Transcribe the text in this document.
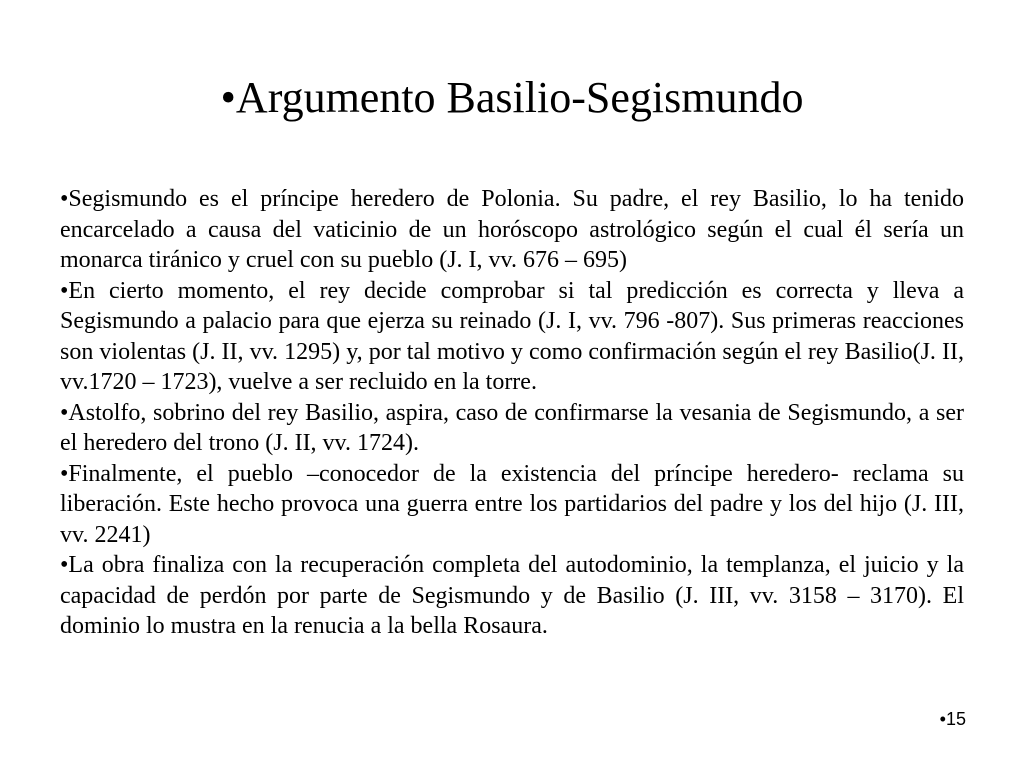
•Argumento Basilio-Segismundo

•Segismundo es el príncipe heredero de Polonia. Su padre, el rey Basilio, lo ha tenido encarcelado a causa del vaticinio de un horóscopo astrológico según el cual él sería un monarca tiránico y cruel con su pueblo (J. I, vv. 676 – 695)

•En cierto momento, el rey decide comprobar si tal predicción es correcta y lleva a Segismundo a palacio para que ejerza su reinado (J. I, vv. 796 -807). Sus primeras reacciones son violentas (J. II, vv. 1295) y, por tal motivo y como confirmación según el rey Basilio(J. II, vv.1720 – 1723), vuelve a ser recluido en la torre.

•Astolfo, sobrino del rey Basilio, aspira, caso de confirmarse la vesania de Segismundo, a ser el heredero del trono (J. II, vv. 1724).

•Finalmente, el pueblo –conocedor de la existencia del príncipe heredero- reclama su liberación. Este hecho provoca una guerra entre los partidarios del padre y los del hijo (J. III, vv. 2241)

•La obra finaliza con la recuperación completa del autodominio, la templanza, el juicio y la capacidad de perdón por parte de Segismundo y de Basilio (J. III, vv. 3158 – 3170). El dominio lo mustra en la renucia a la bella Rosaura.

•15
